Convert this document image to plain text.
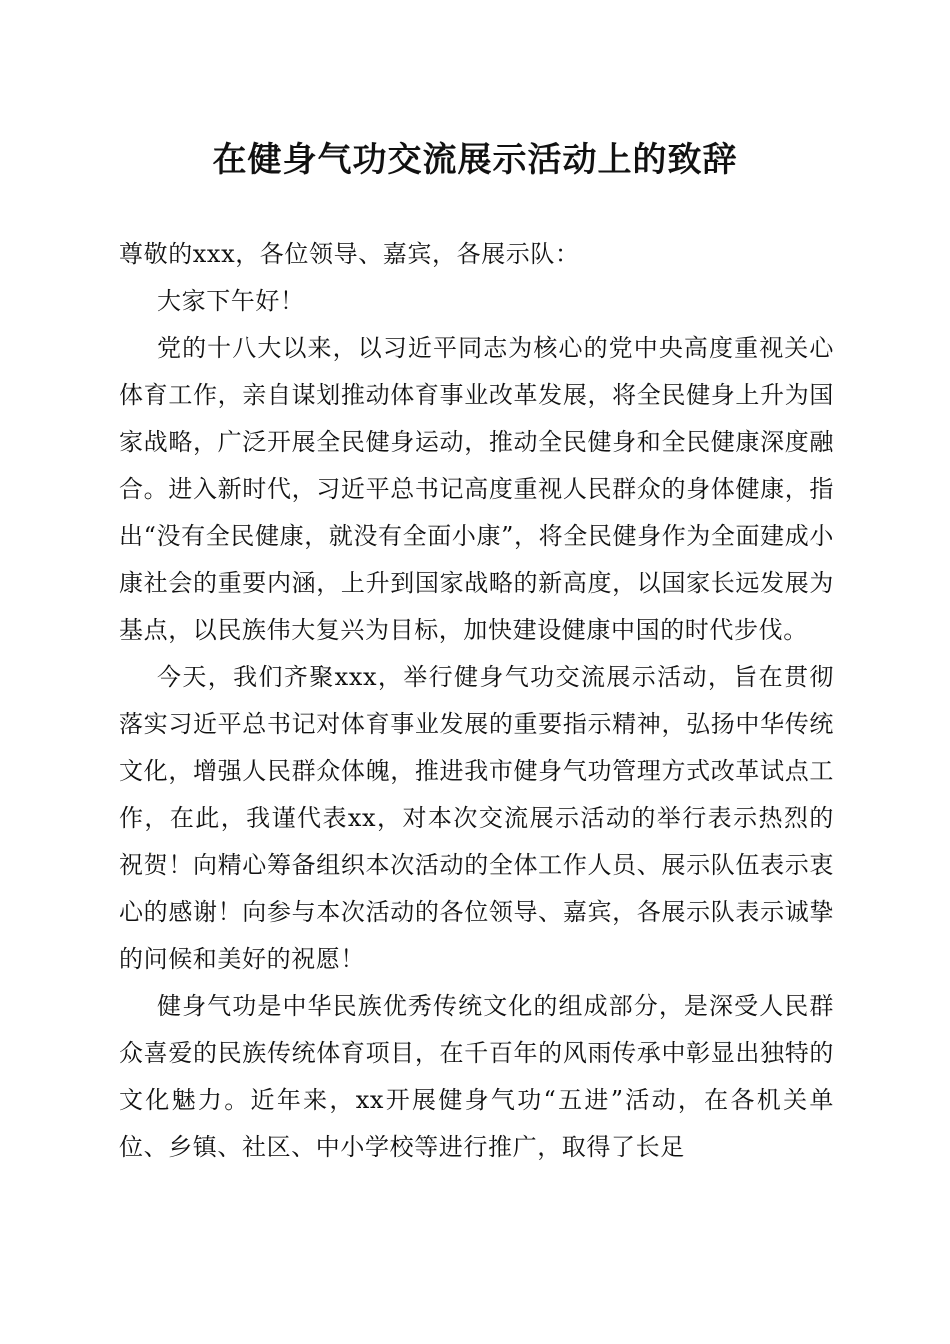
在健身气功交流展示活动上的致辞

尊敬的xxx，各位领导、嘉宾，各展示队：

大家下午好！

党的十八大以来，以习近平同志为核心的党中央高度重视关心体育工作，亲自谋划推动体育事业改革发展，将全民健身上升为国家战略，广泛开展全民健身运动，推动全民健身和全民健康深度融合。进入新时代，习近平总书记高度重视人民群众的身体健康，指出“没有全民健康，就没有全面小康”，将全民健身作为全面建成小康社会的重要内涵，上升到国家战略的新高度，以国家长远发展为基点，以民族伟大复兴为目标，加快建设健康中国的时代步伐。

今天，我们齐聚xxx，举行健身气功交流展示活动，旨在贯彻落实习近平总书记对体育事业发展的重要指示精神，弘扬中华传统文化，增强人民群众体魄，推进我市健身气功管理方式改革试点工作，在此，我谨代表xx，对本次交流展示活动的举行表示热烈的祝贺！向精心筹备组织本次活动的全体工作人员、展示队伍表示衷心的感谢！向参与本次活动的各位领导、嘉宾，各展示队表示诚挚的问候和美好的祝愿！

健身气功是中华民族优秀传统文化的组成部分，是深受人民群众喜爱的民族传统体育项目，在千百年的风雨传承中彰显出独特的文化魅力。近年来，xx开展健身气功“五进”活动，在各机关单位、乡镇、社区、中小学校等进行推广，取得了长足
